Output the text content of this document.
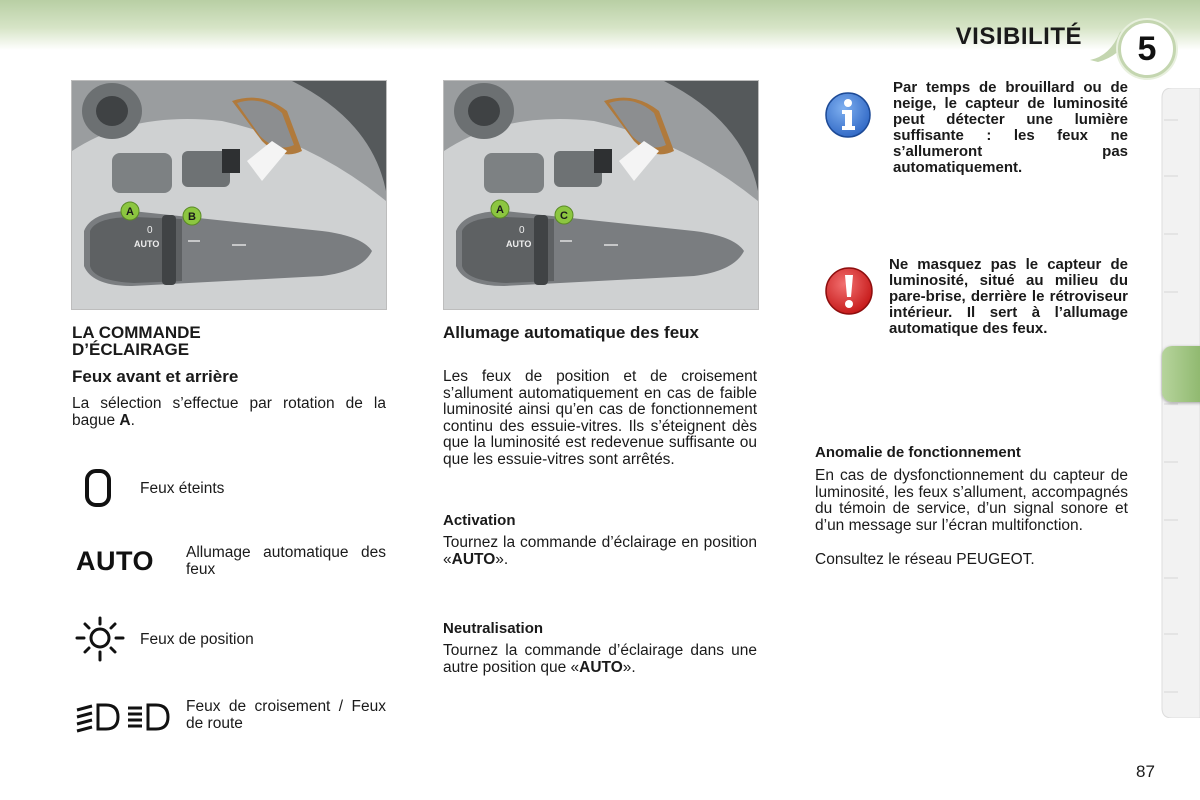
VISIBILITÉ	5
AUTO
0
A	B
AUTO
0
A	C
LA COMMANDE
D’ÉCLAIRAGE
Feux avant et arrière
La sélection s’effectue par rotation de la bague A.
Feux éteints
AUTO Allumage automatique des feux
Feux de position
Feux de croisement / Feux de route
Allumage automatique des feux
Les feux de position et de croisement s’allument automatiquement en cas de faible luminosité ainsi qu’en cas de fonctionnement continu des essuie-vitres. Ils s’éteignent dès que la luminosité est redevenue suffisante ou que les essuie-vitres sont arrêtés.
Activation
Tournez la commande d’éclairage en position «AUTO».
Neutralisation
Tournez la commande d’éclairage dans une autre position que «AUTO».
Par temps de brouillard ou de neige, le capteur de luminosité peut détecter une lumière suffisante : les feux ne s’allumeront pas automatiquement.
Ne masquez pas le capteur de luminosité, situé au milieu du pare-brise, derrière le rétroviseur intérieur. Il sert à l’allumage automatique des feux.
Anomalie de fonctionnement
En cas de dysfonctionnement du capteur de luminosité, les feux s’allument, accompagnés du témoin de service, d’un signal sonore et d’un message sur l’écran multifonction.
Consultez le réseau PEUGEOT.
87
